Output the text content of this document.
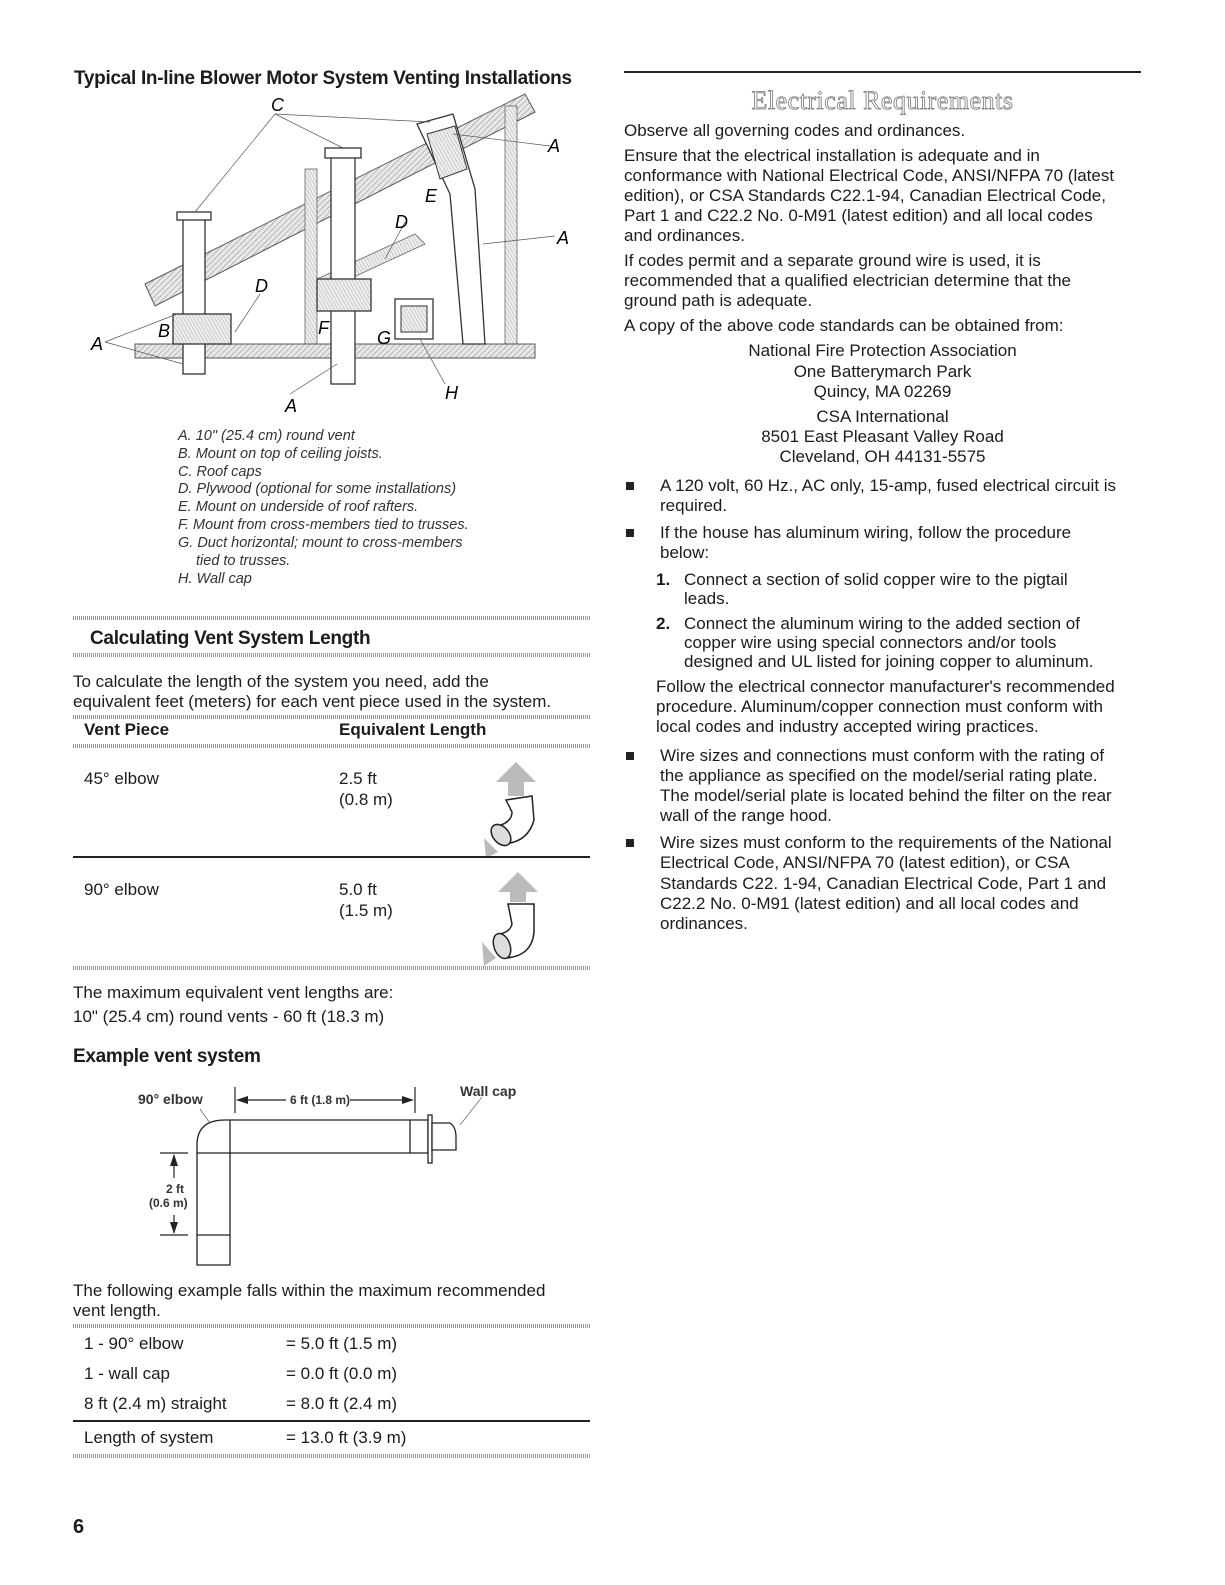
Typical In-line Blower Motor System Venting Installations
C
A
E
D
A
D
B	F	G
A
H
A
A. 10" (25.4 cm) round vent
B. Mount on top of ceiling joists.
C. Roof caps
D. Plywood (optional for some installations)
E. Mount on underside of roof rafters.
F. Mount from cross-members tied to trusses.
G. Duct horizontal; mount to cross-members
tied to trusses.
H. Wall cap
Calculating Vent System Length
To calculate the length of the system you need, add the
equivalent feet (meters) for each vent piece used in the system.
Vent Piece	Equivalent Length
45° elbow	2.5 ft
(0.8 m)
90° elbow	5.0 ft
(1.5 m)
The maximum equivalent vent lengths are:
10" (25.4 cm) round vents - 60 ft (18.3 m)
Example vent system
90° elbow	6 ft (1.8 m)
Wall cap
2 ft
(0.6 m)
The following example falls within the maximum recommended
vent length.
1 - 90° elbow	= 5.0 ft (1.5 m)
1 - wall cap	= 0.0 ft (0.0 m)
8 ft (2.4 m) straight	= 8.0 ft (2.4 m)
Length of system	= 13.0 ft (3.9 m)
6
Electrical Requirements

Observe all governing codes and ordinances.

Ensure that the electrical installation is adequate and in
conformance with National Electrical Code, ANSI/NFPA 70 (latest
edition), or CSA Standards C22.1-94, Canadian Electrical Code,
Part 1 and C22.2 No. 0-M91 (latest edition) and all local codes
and ordinances.

If codes permit and a separate ground wire is used, it is
recommended that a qualified electrician determine that the
ground path is adequate.

A copy of the above code standards can be obtained from:

National Fire Protection Association
One Batterymarch Park
Quincy, MA 02269
CSA International
8501 East Pleasant Valley Road
Cleveland, OH 44131-5575
A 120 volt, 60 Hz., AC only, 15-amp, fused electrical circuit is
required.
If the house has aluminum wiring, follow the procedure
below:
1. Connect a section of solid copper wire to the pigtail
leads.
2. Connect the aluminum wiring to the added section of
copper wire using special connectors and/or tools
designed and UL listed for joining copper to aluminum.
Follow the electrical connector manufacturer's recommended
procedure. Aluminum/copper connection must conform with
local codes and industry accepted wiring practices.
Wire sizes and connections must conform with the rating of
the appliance as specified on the model/serial rating plate.
The model/serial plate is located behind the filter on the rear
wall of the range hood.
Wire sizes must conform to the requirements of the National
Electrical Code, ANSI/NFPA 70 (latest edition), or CSA
Standards C22. 1-94, Canadian Electrical Code, Part 1 and
C22.2 No. 0-M91 (latest edition) and all local codes and
ordinances.
